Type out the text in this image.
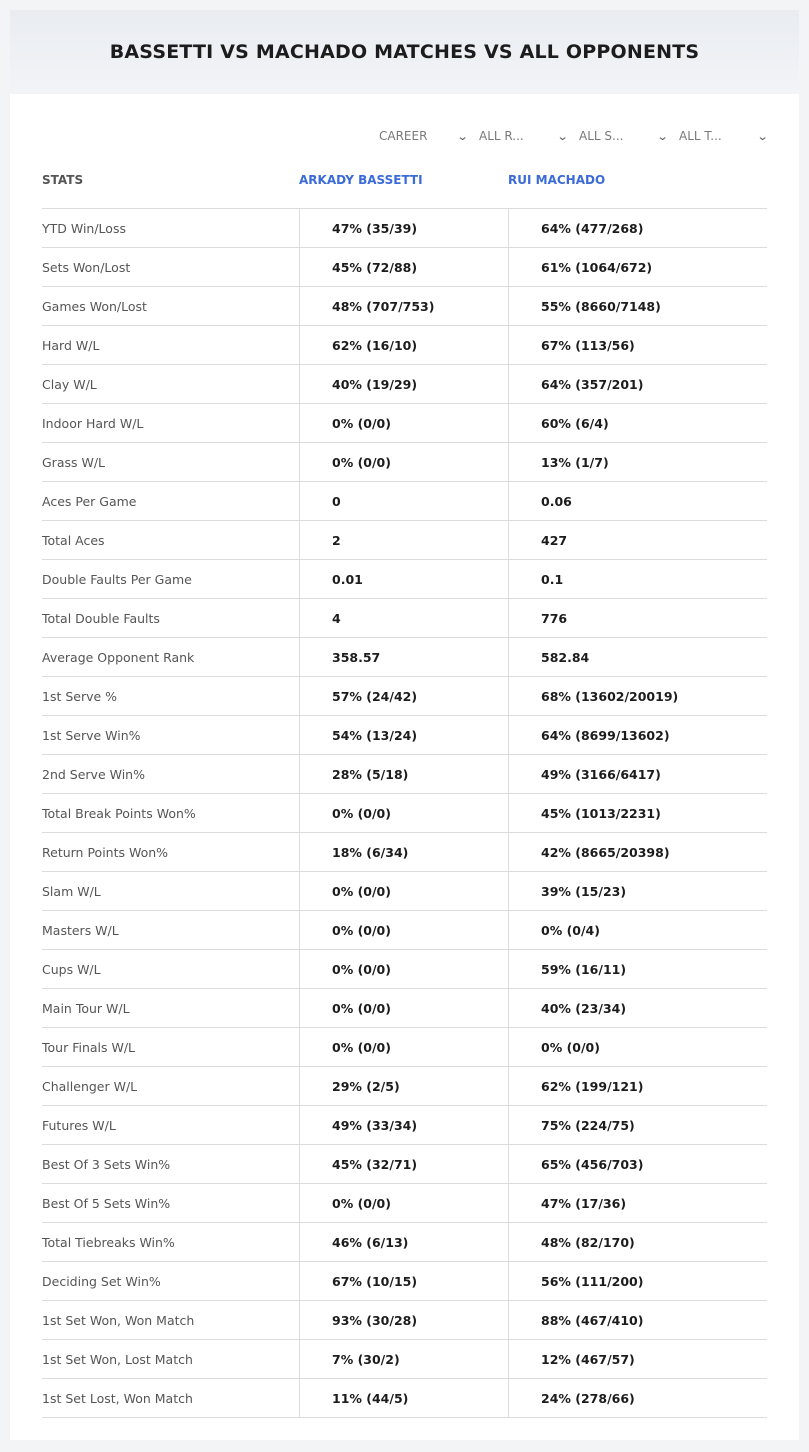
BASSETTI VS MACHADO MATCHES VS ALL OPPONENTS
CAREER	⌄ ALL R...	⌄ ALL S...	⌄ ALL T...	⌄
STATS	ARKADY BASSETTI	RUI MACHADO
YTD Win/Loss	47% (35/39)	64% (477/268)
Sets Won/Lost	45% (72/88)	61% (1064/672)
Games Won/Lost	48% (707/753)	55% (8660/7148)
Hard W/L	62% (16/10)	67% (113/56)
Clay W/L	40% (19/29)	64% (357/201)
Indoor Hard W/L	0% (0/0)	60% (6/4)
Grass W/L	0% (0/0)	13% (1/7)
Aces Per Game	0	0.06
Total Aces	2	427
Double Faults Per Game	0.01	0.1
Total Double Faults	4	776
Average Opponent Rank	358.57	582.84
1st Serve %	57% (24/42)	68% (13602/20019)
1st Serve Win%	54% (13/24)	64% (8699/13602)
2nd Serve Win%	28% (5/18)	49% (3166/6417)
Total Break Points Won%	0% (0/0)	45% (1013/2231)
Return Points Won%	18% (6/34)	42% (8665/20398)
Slam W/L	0% (0/0)	39% (15/23)
Masters W/L	0% (0/0)	0% (0/4)
Cups W/L	0% (0/0)	59% (16/11)
Main Tour W/L	0% (0/0)	40% (23/34)
Tour Finals W/L	0% (0/0)	0% (0/0)
Challenger W/L	29% (2/5)	62% (199/121)
Futures W/L	49% (33/34)	75% (224/75)
Best Of 3 Sets Win%	45% (32/71)	65% (456/703)
Best Of 5 Sets Win%	0% (0/0)	47% (17/36)
Total Tiebreaks Win%	46% (6/13)	48% (82/170)
Deciding Set Win%	67% (10/15)	56% (111/200)
1st Set Won, Won Match	93% (30/28)	88% (467/410)
1st Set Won, Lost Match	7% (30/2)	12% (467/57)
1st Set Lost, Won Match	11% (44/5)	24% (278/66)
